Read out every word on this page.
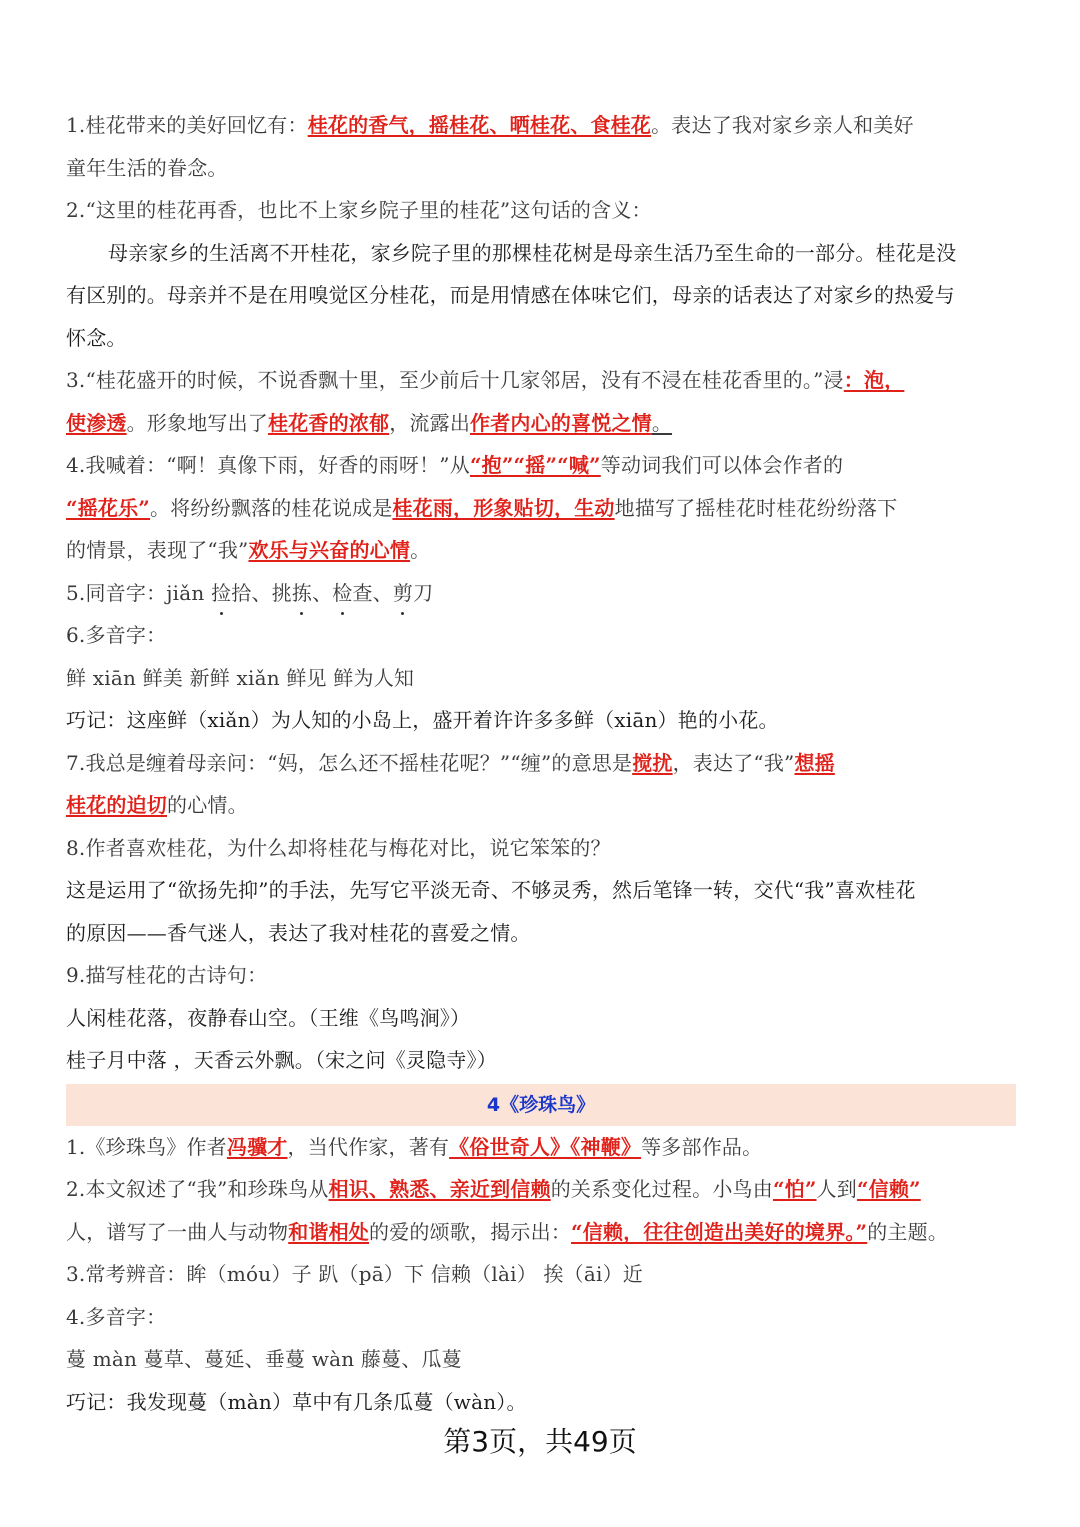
1.桂花带来的美好回忆有：桂花的香气，摇桂花、晒桂花、食桂花。表达了我对家乡亲人和美好
童年生活的眷念。
2.“这里的桂花再香，也比不上家乡院子里的桂花”这句话的含义：
母亲家乡的生活离不开桂花，家乡院子里的那棵桂花树是母亲生活乃至生命的一部分。桂花是没
有区别的。母亲并不是在用嗅觉区分桂花，而是用情感在体味它们，母亲的话表达了对家乡的热爱与
怀念。
3.“桂花盛开的时候，不说香飘十里，至少前后十几家邻居，没有不浸在桂花香里的。”浸：泡，
使渗透。形象地写出了桂花香的浓郁，流露出作者内心的喜悦之情。
4.我喊着：“啊！真像下雨，好香的雨呀！”从“抱”“摇”“喊”等动词我们可以体会作者的
“摇花乐”。将纷纷飘落的桂花说成是桂花雨，形象贴切，生动地描写了摇桂花时桂花纷纷落下
的情景，表现了“我”欢乐与兴奋的心情。
5.同音字：jiǎn 捡拾、挑拣、检查、剪刀
6.多音字：
鲜 xiān 鲜美 新鲜 xiǎn 鲜见 鲜为人知
巧记：这座鲜（xiǎn）为人知的小岛上，盛开着许许多多鲜（xiān）艳的小花。
7.我总是缠着母亲问：“妈，怎么还不摇桂花呢？”“缠”的意思是搅扰，表达了“我”想摇
桂花的迫切的心情。
8.作者喜欢桂花，为什么却将桂花与梅花对比，说它笨笨的？
这是运用了“欲扬先抑”的手法，先写它平淡无奇、不够灵秀，然后笔锋一转，交代“我”喜欢桂花
的原因——香气迷人，表达了我对桂花的喜爱之情。
9.描写桂花的古诗句：
人闲桂花落，夜静春山空。（王维《鸟鸣涧》）
桂子月中落 ，天香云外飘。（宋之问《灵隐寺》）
4《珍珠鸟》
1.《珍珠鸟》作者冯骥才，当代作家，著有《俗世奇人》《神鞭》等多部作品。
2.本文叙述了“我”和珍珠鸟从相识、熟悉、亲近到信赖的关系变化过程。小鸟由“怕”人到“信赖”
人，谱写了一曲人与动物和谐相处的爱的颂歌，揭示出：“信赖，往往创造出美好的境界。”的主题。
3.常考辨音：眸（móu）子 趴（pā）下 信赖（lài） 挨（āi）近
4.多音字：
蔓 màn 蔓草、蔓延、垂蔓 wàn 藤蔓、瓜蔓
巧记：我发现蔓（màn）草中有几条瓜蔓（wàn）。
第3页，共49页
